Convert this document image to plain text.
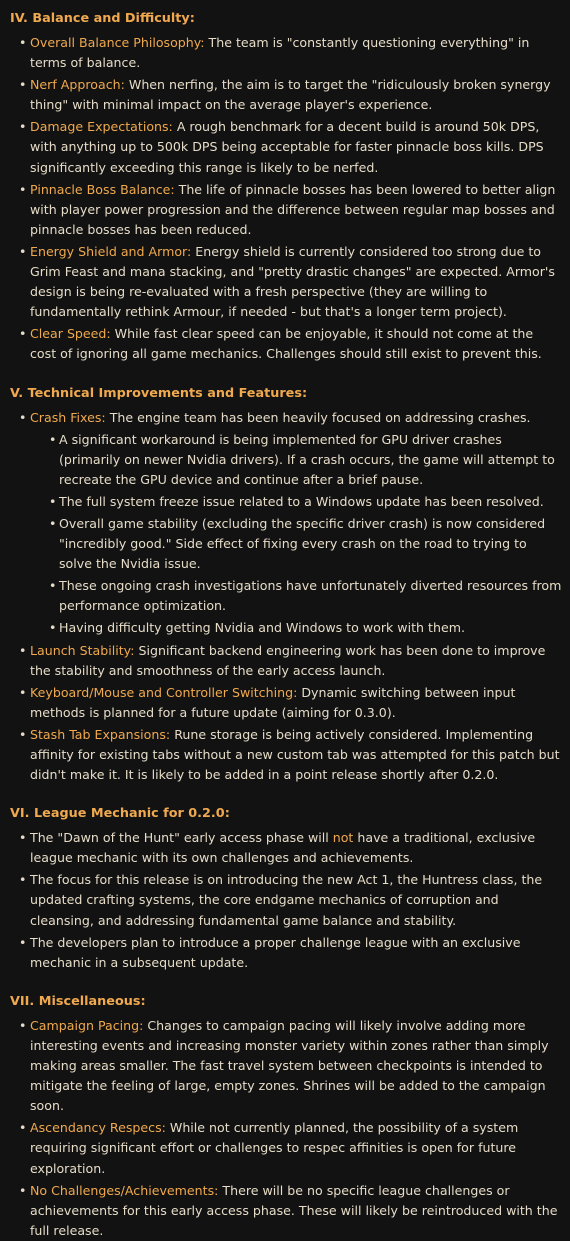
IV. Balance and Difficulty:
• Overall Balance Philosophy: The team is "constantly questioning everything" in terms of balance.
• Nerf Approach: When nerfing, the aim is to target the "ridiculously broken synergy thing" with minimal impact on the average player's experience.
• Damage Expectations: A rough benchmark for a decent build is around 50k DPS, with anything up to 500k DPS being acceptable for faster pinnacle boss kills. DPS significantly exceeding this range is likely to be nerfed.
• Pinnacle Boss Balance: The life of pinnacle bosses has been lowered to better align with player power progression and the difference between regular map bosses and pinnacle bosses has been reduced.
• Energy Shield and Armor: Energy shield is currently considered too strong due to Grim Feast and mana stacking, and "pretty drastic changes" are expected. Armor's design is being re-evaluated with a fresh perspective (they are willing to fundamentally rethink Armour, if needed - but that's a longer term project).
• Clear Speed: While fast clear speed can be enjoyable, it should not come at the cost of ignoring all game mechanics. Challenges should still exist to prevent this.
V. Technical Improvements and Features:
• Crash Fixes: The engine team has been heavily focused on addressing crashes.
• A significant workaround is being implemented for GPU driver crashes (primarily on newer Nvidia drivers). If a crash occurs, the game will attempt to recreate the GPU device and continue after a brief pause.
• The full system freeze issue related to a Windows update has been resolved.
• Overall game stability (excluding the specific driver crash) is now considered "incredibly good." Side effect of fixing every crash on the road to trying to solve the Nvidia issue.
• These ongoing crash investigations have unfortunately diverted resources from performance optimization.
• Having difficulty getting Nvidia and Windows to work with them.
• Launch Stability: Significant backend engineering work has been done to improve the stability and smoothness of the early access launch.
• Keyboard/Mouse and Controller Switching: Dynamic switching between input methods is planned for a future update (aiming for 0.3.0).
• Stash Tab Expansions: Rune storage is being actively considered. Implementing affinity for existing tabs without a new custom tab was attempted for this patch but didn't make it. It is likely to be added in a point release shortly after 0.2.0.
VI. League Mechanic for 0.2.0:
• The "Dawn of the Hunt" early access phase will not have a traditional, exclusive league mechanic with its own challenges and achievements.
• The focus for this release is on introducing the new Act 1, the Huntress class, the updated crafting systems, the core endgame mechanics of corruption and cleansing, and addressing fundamental game balance and stability.
• The developers plan to introduce a proper challenge league with an exclusive mechanic in a subsequent update.
VII. Miscellaneous:
• Campaign Pacing: Changes to campaign pacing will likely involve adding more interesting events and increasing monster variety within zones rather than simply making areas smaller. The fast travel system between checkpoints is intended to mitigate the feeling of large, empty zones. Shrines will be added to the campaign soon.
• Ascendancy Respecs: While not currently planned, the possibility of a system requiring significant effort or challenges to respec affinities is open for future exploration.
• No Challenges/Achievements: There will be no specific league challenges or achievements for this early access phase. These will likely be reintroduced with the full release.
